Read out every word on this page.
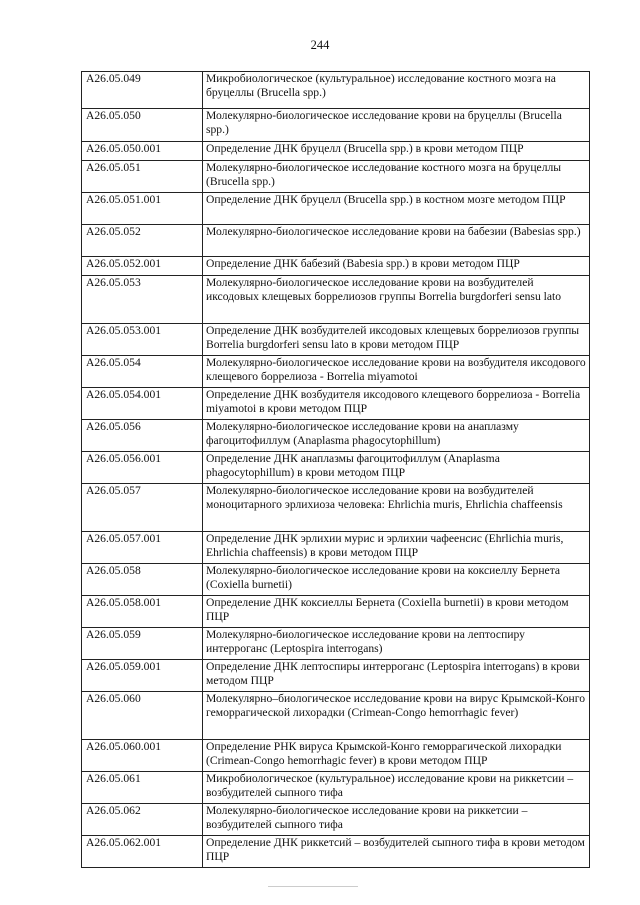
244
A26.05.049	Микробиологическое (культуральное) исследование костного мозга на бруцеллы (Brucella spp.)
A26.05.050	Молекулярно-биологическое исследование крови на бруцеллы (Brucella spp.)
A26.05.050.001	Определение ДНК бруцелл (Brucella spp.) в крови методом ПЦР
A26.05.051	Молекулярно-биологическое исследование костного мозга на бруцеллы (Brucella spp.)
A26.05.051.001	Определение ДНК бруцелл (Brucella spp.) в костном мозге методом ПЦР
A26.05.052	Молекулярно-биологическое исследование крови на бабезии (Babesias spp.)
A26.05.052.001	Определение ДНК бабезий (Babesia spp.) в крови методом ПЦР
A26.05.053	Молекулярно-биологическое исследование крови на возбудителей иксодовых клещевых боррелиозов группы Borrelia burgdorferi sensu lato
A26.05.053.001	Определение ДНК возбудителей иксодовых клещевых боррелиозов группы Borrelia burgdorferi sensu lato в крови методом ПЦР
A26.05.054	Молекулярно-биологическое исследование крови на возбудителя иксодового клещевого боррелиоза - Borrelia miyamotoi
A26.05.054.001	Определение ДНК возбудителя иксодового клещевого боррелиоза - Borrelia miyamotoi в крови методом ПЦР
A26.05.056	Молекулярно-биологическое исследование крови на анаплазму фагоцитофиллум (Anaplasma phagocytophillum)
A26.05.056.001	Определение ДНК анаплазмы фагоцитофиллум (Anaplasma phagocytophillum) в крови методом ПЦР
A26.05.057	Молекулярно-биологическое исследование крови на возбудителей моноцитарного эрлихиоза человека: Ehrlichia muris, Ehrlichia chaffeensis
A26.05.057.001	Определение ДНК эрлихии мурис и эрлихии чафеенсис (Ehrlichia muris, Ehrlichia chaffeensis) в крови методом ПЦР
A26.05.058	Молекулярно-биологическое исследование крови на коксиеллу Бернета (Coxiella burnetii)
A26.05.058.001	Определение ДНК коксиеллы Бернета (Coxiella burnetii) в крови методом ПЦР
A26.05.059	Молекулярно-биологическое исследование крови на лептоспиру интерроганс (Leptospira interrogans)
A26.05.059.001	Определение ДНК лептоспиры интерроганс (Leptospira interrogans) в крови методом ПЦР
A26.05.060	Молекулярно–биологическое исследование крови на вирус Крымской-Конго геморрагической лихорадки (Crimean-Congo hemorrhagic fever)
A26.05.060.001	Определение РНК вируса Крымской-Конго геморрагической лихорадки (Crimean-Congo hemorrhagic fever) в крови методом ПЦР
A26.05.061	Микробиологическое (культуральное) исследование крови на риккетсии – возбудителей сыпного тифа
A26.05.062	Молекулярно-биологическое исследование крови на риккетсии – возбудителей сыпного тифа
A26.05.062.001	Определение ДНК риккетсий – возбудителей сыпного тифа в крови методом ПЦР
